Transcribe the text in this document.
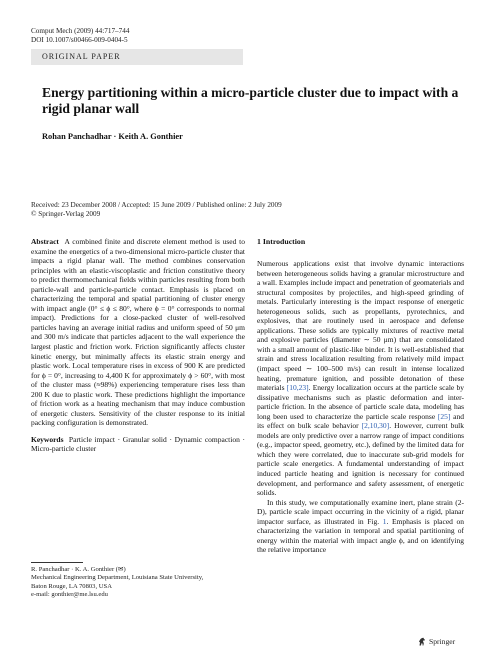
Comput Mech (2009) 44:717–744
DOI 10.1007/s00466-009-0404-5
ORIGINAL PAPER
Energy partitioning within a micro-particle cluster due to impact with a rigid planar wall
Rohan Panchadhar · Keith A. Gonthier
Received: 23 December 2008 / Accepted: 15 June 2009 / Published online: 2 July 2009
© Springer-Verlag 2009

Abstract A combined finite and discrete element method is used to examine the energetics of a two-dimensional micro-particle cluster that impacts a rigid planar wall. The method combines conservation principles with an elastic-viscoplastic and friction constitutive theory to predict thermomechanical fields within particles resulting from both particle-wall and particle-particle contact. Emphasis is placed on characterizing the temporal and spatial partitioning of cluster energy with impact angle (0° ≤ ϕ ≤ 80°, where ϕ = 0° corresponds to normal impact). Predictions for a close-packed cluster of well-resolved particles having an average initial radius and uniform speed of 50 μm and 300 m/s indicate that particles adjacent to the wall experience the largest plastic and friction work. Friction significantly affects cluster kinetic energy, but minimally affects its elastic strain energy and plastic work. Local temperature rises in excess of 900 K are predicted for ϕ = 0°, increasing to 4,400 K for approximately ϕ > 60°, with most of the cluster mass (≈98%) experiencing temperature rises less than 200 K due to plastic work. These predictions highlight the importance of friction work as a heating mechanism that may induce combustion of energetic clusters. Sensitivity of the cluster response to its initial packing configuration is demonstrated.

Keywords Particle impact · Granular solid · Dynamic compaction · Micro-particle cluster

1 Introduction

Numerous applications exist that involve dynamic interactions between heterogeneous solids having a granular microstructure and a wall. Examples include impact and penetration of geomaterials and structural composites by projectiles, and high-speed grinding of metals. Particularly interesting is the impact response of energetic heterogeneous solids, such as propellants, pyrotechnics, and explosives, that are routinely used in aerospace and defense applications. These solids are typically mixtures of reactive metal and explosive particles (diameter ∼ 50 μm) that are consolidated with a small amount of plastic-like binder. It is well-established that strain and stress localization resulting from relatively mild impact (impact speed ∼ 100–500 m/s) can result in intense localized heating, premature ignition, and possible detonation of these materials [10,23]. Energy localization occurs at the particle scale by dissipative mechanisms such as plastic deformation and inter-particle friction. In the absence of particle scale data, modeling has long been used to characterize the particle scale response [25] and its effect on bulk scale behavior [2,10,30]. However, current bulk models are only predictive over a narrow range of impact conditions (e.g., impactor speed, geometry, etc.), defined by the limited data for which they were correlated, due to inaccurate sub-grid models for particle scale energetics. A fundamental understanding of impact induced particle heating and ignition is necessary for continued development, and performance and safety assessment, of energetic solids.

In this study, we computationally examine inert, plane strain (2-D), particle scale impact occurring in the vicinity of a rigid, planar impactor surface, as illustrated in Fig. 1. Emphasis is placed on characterizing the variation in temporal and spatial partitioning of energy within the material with impact angle ϕ, and on identifying the relative importance

R. Panchadhar · K. A. Gonthier (✉)
Mechanical Engineering Department, Louisiana State University,
Baton Rouge, LA 70803, USA
e-mail: gonthier@me.lsu.edu
Springer
